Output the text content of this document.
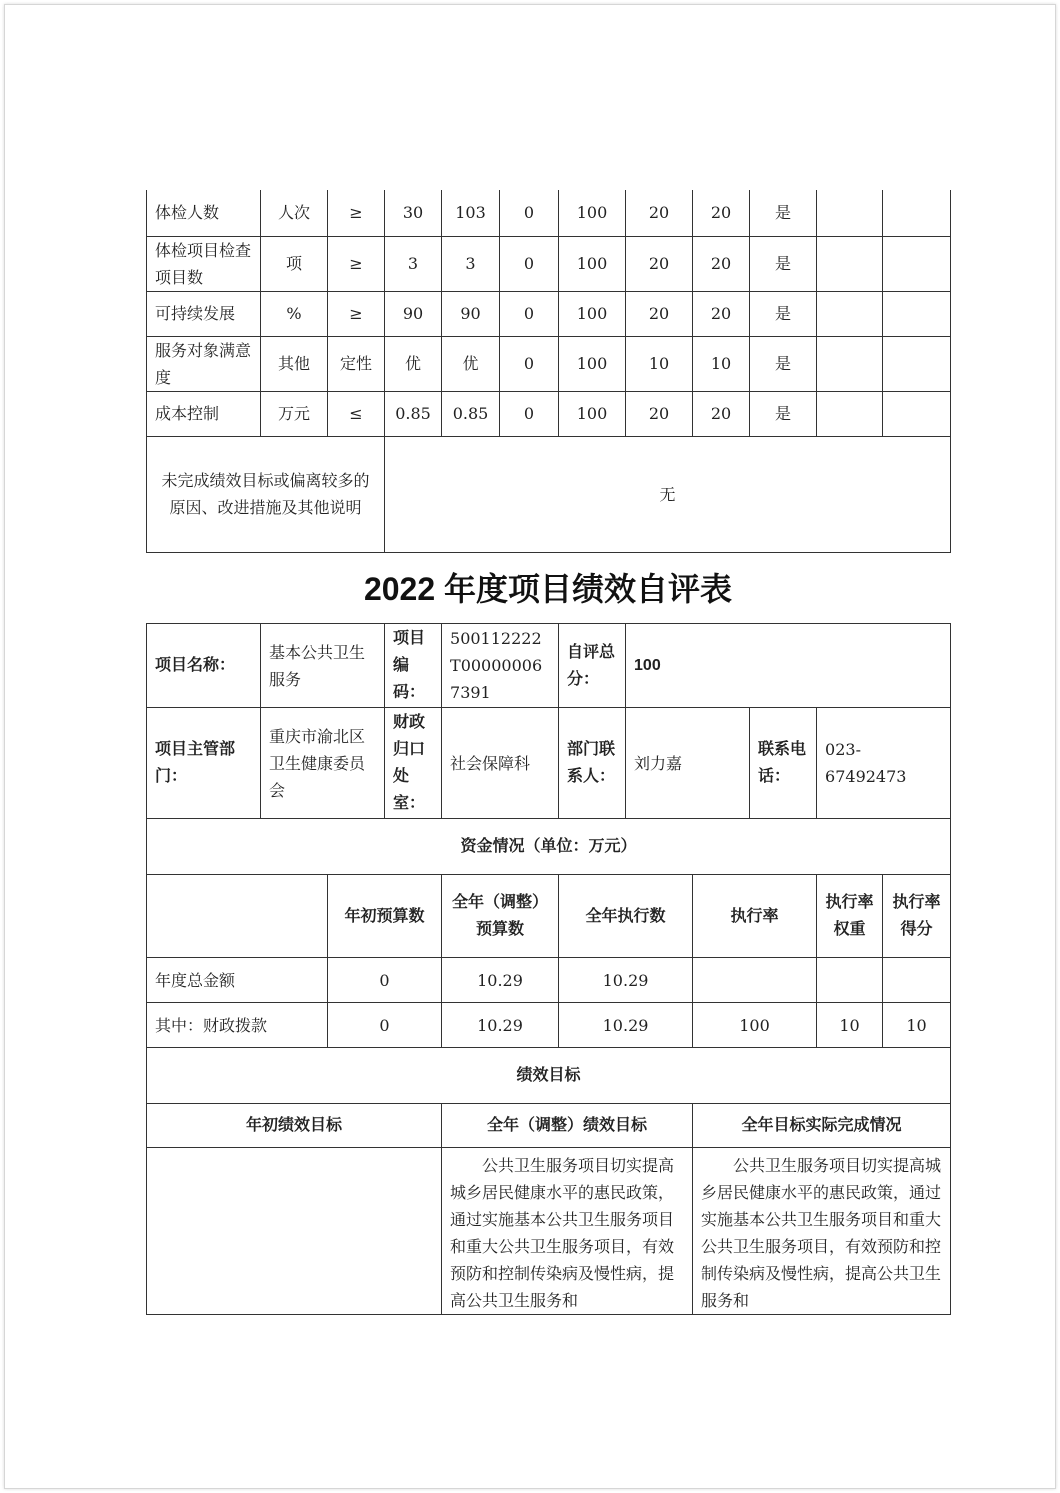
体检人数	人次	≥	30	103	0	100	20	20	是		
体检项目检查项目数	项	≥	3	3	0	100	20	20	是		
可持续发展	%	≥	90	90	0	100	20	20	是		
服务对象满意度	其他	定性	优	优	0	100	10	10	是		
成本控制	万元	≤	0.85	0.85	0	100	20	20	是		
未完成绩效目标或偏离较多的原因、改进措施及其他说明			无								
2022 年度项目绩效自评表
项目名称：	基本公共卫生服务		项目编码：	500112222T000000067391	自评总分：	100				
项目主管部门：	重庆市渝北区卫生健康委员会		财政归口处室：	社会保障科	部门联系人：	刘力嘉		联系电话：	023-67492473	
资金情况（单位：万元）										
		年初预算数		全年（调整）预算数	全年执行数		执行率		执行率权重	执行率得分
年度总金额		0		10.29	10.29					
其中：财政拨款		0		10.29	10.29		100		10	10
绩效目标										
年初绩效目标				全年（调整）绩效目标			全年目标实际完成情况			
				公共卫生服务项目切实提高城乡居民健康水平的惠民政策，通过实施基本公共卫生服务项目和重大公共卫生服务项目，有效预防和控制传染病及慢性病，提高公共卫生服务和			公共卫生服务项目切实提高城乡居民健康水平的惠民政策，通过实施基本公共卫生服务项目和重大公共卫生服务项目，有效预防和控制传染病及慢性病，提高公共卫生服务和			
